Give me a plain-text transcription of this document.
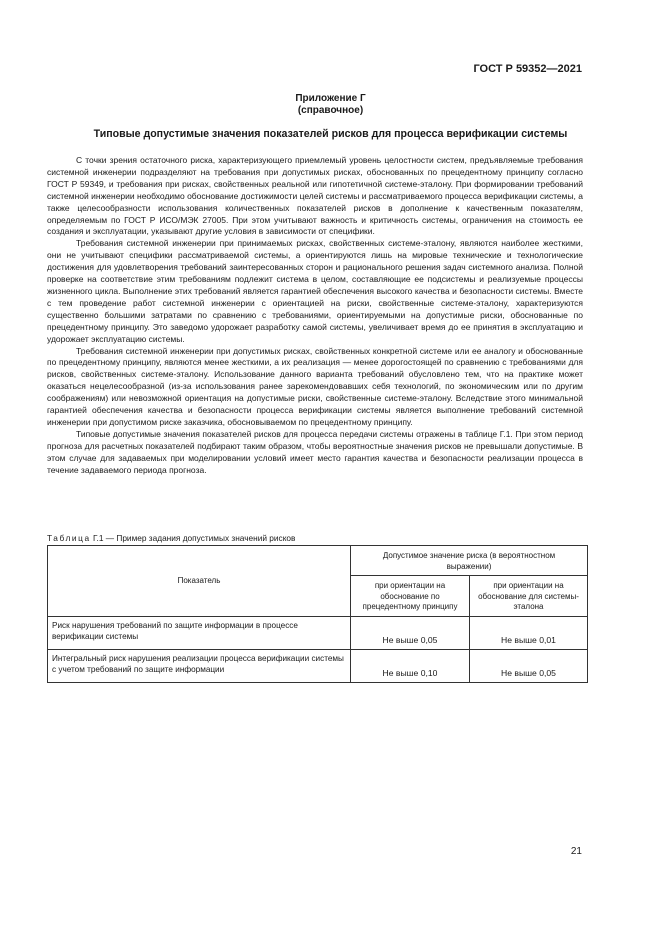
ГОСТ Р 59352—2021
Приложение Г
(справочное)
Типовые допустимые значения показателей рисков для процесса верификации системы

С точки зрения остаточного риска, характеризующего приемлемый уровень целостности систем, предъявляемые требования системной инженерии подразделяют на требования при допустимых рисках, обоснованных по прецедентному принципу согласно ГОСТ Р 59349, и требования при рисках, свойственных реальной или гипотетичной системе-эталону. При формировании требований системной инженерии необходимо обоснование достижимости целей системы и рассматриваемого процесса верификации системы, а также целесообразности использования количественных показателей рисков в дополнение к качественным показателям, определяемым по ГОСТ Р ИСО/МЭК 27005. При этом учитывают важность и критичность системы, ограничения на стоимость ее создания и эксплуатации, указывают другие условия в зависимости от специфики.

Требования системной инженерии при принимаемых рисках, свойственных системе-эталону, являются наиболее жесткими, они не учитывают специфики рассматриваемой системы, а ориентируются лишь на мировые технические и технологические достижения для удовлетворения требований заинтересованных сторон и рационального решения задач системного анализа. Полной проверке на соответствие этим требованиям подлежит система в целом, составляющие ее подсистемы и реализуемые процессы жизненного цикла. Выполнение этих требований является гарантией обеспечения высокого качества и безопасности системы. Вместе с тем проведение работ системной инженерии с ориентацией на риски, свойственные системе-эталону, характеризуются существенно большими затратами по сравнению с требованиями, ориентируемыми на допустимые риски, обоснованные по прецедентному принципу. Это заведомо удорожает разработку самой системы, увеличивает время до ее принятия в эксплуатацию и удорожает эксплуатацию системы.

Требования системной инженерии при допустимых рисках, свойственных конкретной системе или ее аналогу и обоснованные по прецедентному принципу, являются менее жесткими, а их реализация — менее дорогостоящей по сравнению с требованиями для рисков, свойственных системе-эталону. Использование данного варианта требований обусловлено тем, что на практике может оказаться нецелесообразной (из-за использования ранее зарекомендовавших себя технологий, по экономическим или по другим соображениям) или невозможной ориентация на допустимые риски, свойственные системе-эталону. Вследствие этого минимальной гарантией обеспечения качества и безопасности процесса верификации системы является выполнение требований системной инженерии при допустимом риске заказчика, обосновываемом по прецедентному принципу.

Типовые допустимые значения показателей рисков для процесса передачи системы отражены в таблице Г.1. При этом период прогноза для расчетных показателей подбирают таким образом, чтобы вероятностные значения рисков не превышали допустимые. В этом случае для задаваемых при моделировании условий имеет место гарантия качества и безопасности реализации процесса в течение задаваемого периода прогноза.

Таблица Г.1 — Пример задания допустимых значений рисков
Показатель	Допустимое значение риска (в вероятностном выражении)	
	при ориентации на обоснование по прецедентному принципу	при ориентации на обоснование для системы-эталона
Риск нарушения требований по защите информации в процессе верификации системы	Не выше 0,05	Не выше 0,01
Интегральный риск нарушения реализации процесса верификации системы с учетом требований по защите информации	Не выше 0,10	Не выше 0,05
21
